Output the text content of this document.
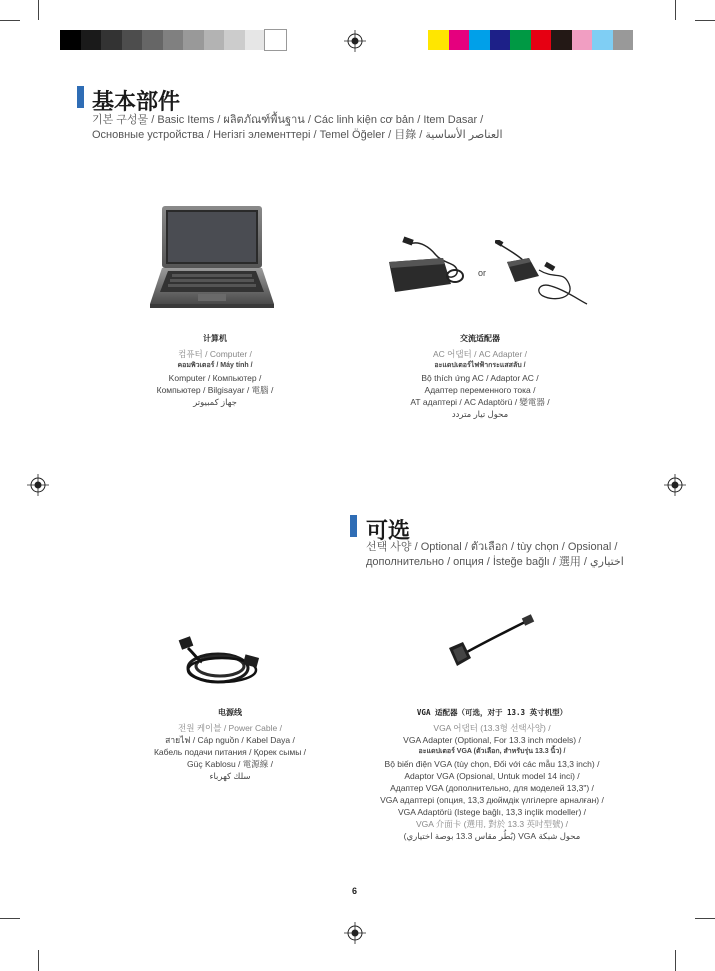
基本部件
기본 구성물 / Basic Items / ผลิตภัณฑ์พื้นฐาน / Các linh kiện cơ bản / Item Dasar /
Основные устройства / Негізгі элементтері / Temel Öğeler / 目錄 / العناصر الأساسية
or
计算机
컴퓨터 / Computer /
คอมพิวเตอร์ / Máy tính /
Komputer / Компьютер /
Компьютер / Bilgisayar / 電腦 /
جهاز كمبيوتر
交流适配器
AC 어댑터 / AC Adapter /
อะแดปเตอร์ไฟฟ้ากระแสสลับ /
Bộ thích ứng AC / Adaptor AC /
Адаптер переменного тока /
АТ адаптері / AC Adaptörü / 變電器 /
محول تيار متردد
可选
선택 사양 / Optional / ตัวเลือก / tùy chọn / Opsional /
дополнительно / опция / İsteğe bağlı / 選用 / اختياري
电源线
전원 케이블 / Power Cable /
สายไฟ / Cáp nguồn / Kabel Daya /
Кабель подачи питания / Қорек сымы /
Güç Kablosu / 電源線 /
سلك كهرباء
VGA 适配器（可选，对于 13.3 英寸机型）
VGA 어댑터 (13.3형 선택사양) /
VGA Adapter (Optional, For 13.3 inch models) /
อะแดปเตอร์ VGA (ตัวเลือก, สำหรับรุ่น 13.3 นิ้ว) /
Bộ biến điện VGA (tùy chọn, Đối với các mẫu 13,3 inch) /
Adaptor VGA (Opsional, Untuk model 14 inci) /
Адаптер VGA (дополнительно, для моделей 13,3") /
VGA адаптері (опция, 13,3 дюймдік үлгілерге арналған) /
VGA Adaptörü (Istege bağlı, 13,3 inçlik modeller) /
VGA 介面卡 (選用, 對於 13.3 英吋型號) /
محول شبكة VGA (بُطُر مقاس 13.3 بوصة اختياري)
6
